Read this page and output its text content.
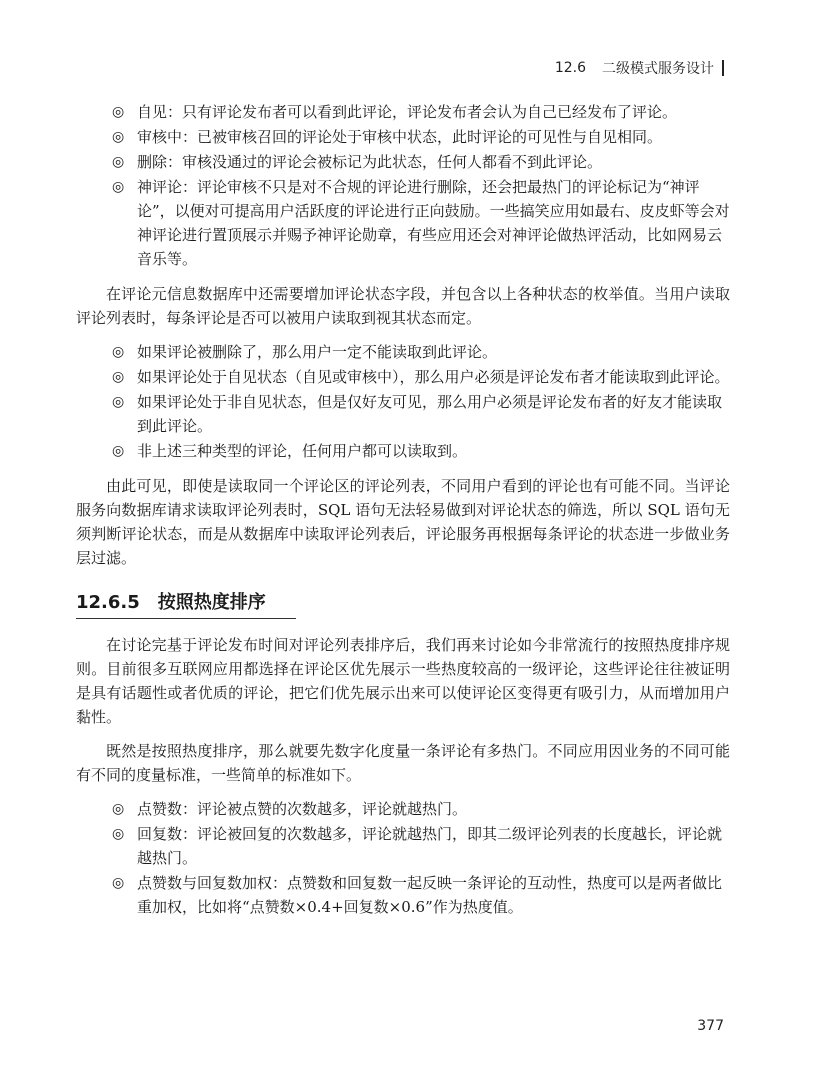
12.6 二级模式服务设计
◎ 自见：只有评论发布者可以看到此评论，评论发布者会认为自己已经发布了评论。
◎ 审核中：已被审核召回的评论处于审核中状态，此时评论的可见性与自见相同。
◎ 删除：审核没通过的评论会被标记为此状态，任何人都看不到此评论。
◎ 神评论：评论审核不只是对不合规的评论进行删除，还会把最热门的评论标记为“神评论”，以便对可提高用户活跃度的评论进行正向鼓励。一些搞笑应用如最右、皮皮虾等会对神评论进行置顶展示并赐予神评论勋章，有些应用还会对神评论做热评活动，比如网易云音乐等。

在评论元信息数据库中还需要增加评论状态字段，并包含以上各种状态的枚举值。当用户读取评论列表时，每条评论是否可以被用户读取到视其状态而定。

◎ 如果评论被删除了，那么用户一定不能读取到此评论。
◎ 如果评论处于自见状态（自见或审核中），那么用户必须是评论发布者才能读取到此评论。
◎ 如果评论处于非自见状态，但是仅好友可见，那么用户必须是评论发布者的好友才能读取到此评论。
◎ 非上述三种类型的评论，任何用户都可以读取到。

由此可见，即使是读取同一个评论区的评论列表，不同用户看到的评论也有可能不同。当评论服务向数据库请求读取评论列表时，SQL 语句无法轻易做到对评论状态的筛选，所以 SQL 语句无须判断评论状态，而是从数据库中读取评论列表后，评论服务再根据每条评论的状态进一步做业务层过滤。

12.6.5 按照热度排序

在讨论完基于评论发布时间对评论列表排序后，我们再来讨论如今非常流行的按照热度排序规则。目前很多互联网应用都选择在评论区优先展示一些热度较高的一级评论，这些评论往往被证明是具有话题性或者优质的评论，把它们优先展示出来可以使评论区变得更有吸引力，从而增加用户黏性。

既然是按照热度排序，那么就要先数字化度量一条评论有多热门。不同应用因业务的不同可能有不同的度量标准，一些简单的标准如下。

◎ 点赞数：评论被点赞的次数越多，评论就越热门。
◎ 回复数：评论被回复的次数越多，评论就越热门，即其二级评论列表的长度越长，评论就越热门。
◎ 点赞数与回复数加权：点赞数和回复数一起反映一条评论的互动性，热度可以是两者做比重加权，比如将“点赞数×0.4+回复数×0.6”作为热度值。
377
